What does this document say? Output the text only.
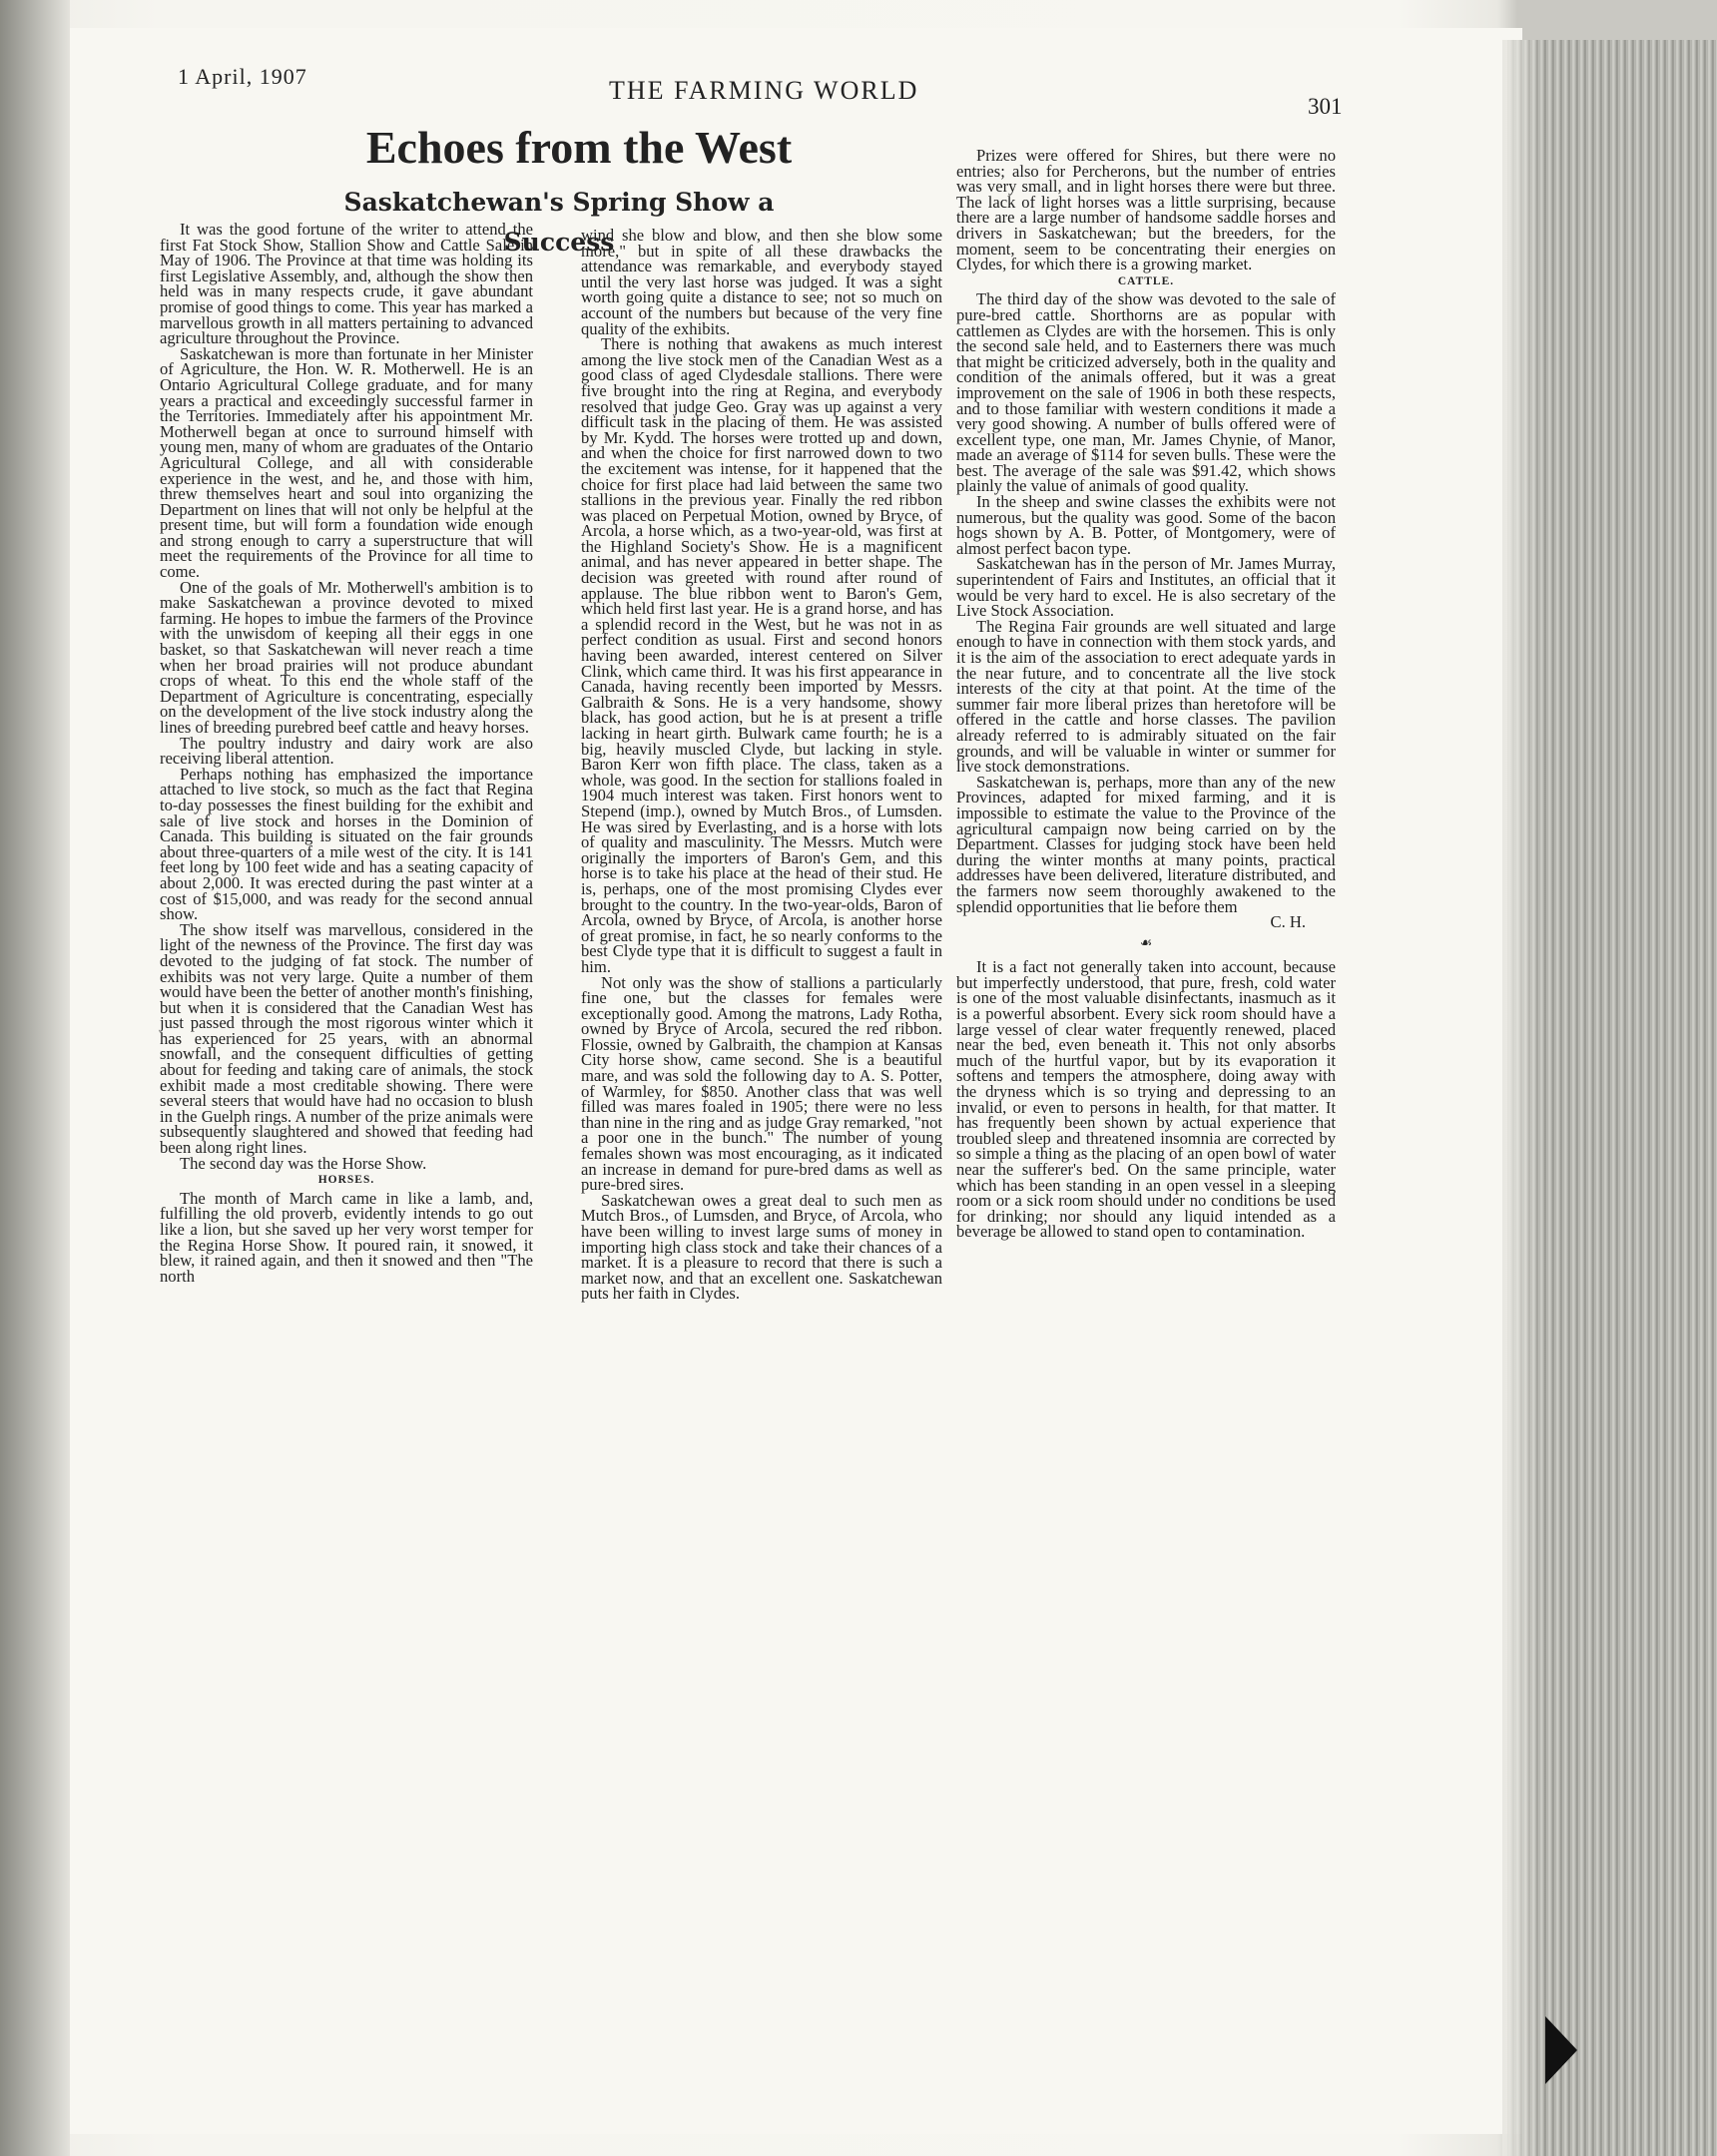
1 April, 1907	THE FARMING WORLD
301
Echoes from the West
Saskatchewan's Spring Show a Success

It was the good fortune of the writer to attend the first Fat Stock Show, Stallion Show and Cattle Sale in May of 1906. The Province at that time was holding its first Legislative Assembly, and, although the show then held was in many respects crude, it gave abundant promise of good things to come. This year has marked a marvellous growth in all matters pertaining to advanced agriculture throughout the Province.

Saskatchewan is more than fortunate in her Minister of Agriculture, the Hon. W. R. Motherwell. He is an Ontario Agricultural College graduate, and for many years a practical and exceedingly successful farmer in the Territories. Immediately after his appointment Mr. Motherwell began at once to surround himself with young men, many of whom are graduates of the Ontario Agricultural College, and all with considerable experience in the west, and he, and those with him, threw themselves heart and soul into organizing the Department on lines that will not only be helpful at the present time, but will form a foundation wide enough and strong enough to carry a superstructure that will meet the requirements of the Province for all time to come.

One of the goals of Mr. Motherwell's ambition is to make Saskatchewan a province devoted to mixed farming. He hopes to imbue the farmers of the Province with the unwisdom of keeping all their eggs in one basket, so that Saskatchewan will never reach a time when her broad prairies will not produce abundant crops of wheat. To this end the whole staff of the Department of Agriculture is concentrating, especially on the development of the live stock industry along the lines of breeding purebred beef cattle and heavy horses.

The poultry industry and dairy work are also receiving liberal attention.

Perhaps nothing has emphasized the importance attached to live stock, so much as the fact that Regina to-day possesses the finest building for the exhibit and sale of live stock and horses in the Dominion of Canada. This building is situated on the fair grounds about three-quarters of a mile west of the city. It is 141 feet long by 100 feet wide and has a seating capacity of about 2,000. It was erected during the past winter at a cost of $15,000, and was ready for the second annual show.

The show itself was marvellous, considered in the light of the newness of the Province. The first day was devoted to the judging of fat stock. The number of exhibits was not very large. Quite a number of them would have been the better of another month's finishing, but when it is considered that the Canadian West has just passed through the most rigorous winter which it has experienced for 25 years, with an abnormal snowfall, and the consequent difficulties of getting about for feeding and taking care of animals, the stock exhibit made a most creditable showing. There were several steers that would have had no occasion to blush in the Guelph rings. A number of the prize animals were subsequently slaughtered and showed that feeding had been along right lines.

The second day was the Horse Show.

HORSES.

The month of March came in like a lamb, and, fulfilling the old proverb, evidently intends to go out like a lion, but she saved up her very worst temper for the Regina Horse Show. It poured rain, it snowed, it blew, it rained again, and then it snowed and then "The north

wind she blow and blow, and then she blow some more," but in spite of all these drawbacks the attendance was remarkable, and everybody stayed until the very last horse was judged. It was a sight worth going quite a distance to see; not so much on account of the numbers but because of the very fine quality of the exhibits.

There is nothing that awakens as much interest among the live stock men of the Canadian West as a good class of aged Clydesdale stallions. There were five brought into the ring at Regina, and everybody resolved that judge Geo. Gray was up against a very difficult task in the placing of them. He was assisted by Mr. Kydd. The horses were trotted up and down, and when the choice for first narrowed down to two the excitement was intense, for it happened that the choice for first place had laid between the same two stallions in the previous year. Finally the red ribbon was placed on Perpetual Motion, owned by Bryce, of Arcola, a horse which, as a two-year-old, was first at the Highland Society's Show. He is a magnificent animal, and has never appeared in better shape. The decision was greeted with round after round of applause. The blue ribbon went to Baron's Gem, which held first last year. He is a grand horse, and has a splendid record in the West, but he was not in as perfect condition as usual. First and second honors having been awarded, interest centered on Silver Clink, which came third. It was his first appearance in Canada, having recently been imported by Messrs. Galbraith & Sons. He is a very handsome, showy black, has good action, but he is at present a trifle lacking in heart girth. Bulwark came fourth; he is a big, heavily muscled Clyde, but lacking in style. Baron Kerr won fifth place. The class, taken as a whole, was good. In the section for stallions foaled in 1904 much interest was taken. First honors went to Stepend (imp.), owned by Mutch Bros., of Lumsden. He was sired by Everlasting, and is a horse with lots of quality and masculinity. The Messrs. Mutch were originally the importers of Baron's Gem, and this horse is to take his place at the head of their stud. He is, perhaps, one of the most promising Clydes ever brought to the country. In the two-year-olds, Baron of Arcola, owned by Bryce, of Arcola, is another horse of great promise, in fact, he so nearly conforms to the best Clyde type that it is difficult to suggest a fault in him.

Not only was the show of stallions a particularly fine one, but the classes for females were exceptionally good. Among the matrons, Lady Rotha, owned by Bryce of Arcola, secured the red ribbon. Flossie, owned by Galbraith, the champion at Kansas City horse show, came second. She is a beautiful mare, and was sold the following day to A. S. Potter, of Warmley, for $850. Another class that was well filled was mares foaled in 1905; there were no less than nine in the ring and as judge Gray remarked, "not a poor one in the bunch." The number of young females shown was most encouraging, as it indicated an increase in demand for pure-bred dams as well as pure-bred sires.

Saskatchewan owes a great deal to such men as Mutch Bros., of Lumsden, and Bryce, of Arcola, who have been willing to invest large sums of money in importing high class stock and take their chances of a market. It is a pleasure to record that there is such a market now, and that an excellent one. Saskatchewan puts her faith in Clydes.

Prizes were offered for Shires, but there were no entries; also for Percherons, but the number of entries was very small, and in light horses there were but three. The lack of light horses was a little surprising, because there are a large number of handsome saddle horses and drivers in Saskatchewan; but the breeders, for the moment, seem to be concentrating their energies on Clydes, for which there is a growing market.

CATTLE.

The third day of the show was devoted to the sale of pure-bred cattle. Shorthorns are as popular with cattlemen as Clydes are with the horsemen. This is only the second sale held, and to Easterners there was much that might be criticized adversely, both in the quality and condition of the animals offered, but it was a great improvement on the sale of 1906 in both these respects, and to those familiar with western conditions it made a very good showing. A number of bulls offered were of excellent type, one man, Mr. James Chynie, of Manor, made an average of $114 for seven bulls. These were the best. The average of the sale was $91.42, which shows plainly the value of animals of good quality.

In the sheep and swine classes the exhibits were not numerous, but the quality was good. Some of the bacon hogs shown by A. B. Potter, of Montgomery, were of almost perfect bacon type.

Saskatchewan has in the person of Mr. James Murray, superintendent of Fairs and Institutes, an official that it would be very hard to excel. He is also secretary of the Live Stock Association.

The Regina Fair grounds are well situated and large enough to have in connection with them stock yards, and it is the aim of the association to erect adequate yards in the near future, and to concentrate all the live stock interests of the city at that point. At the time of the summer fair more liberal prizes than heretofore will be offered in the cattle and horse classes. The pavilion already referred to is admirably situated on the fair grounds, and will be valuable in winter or summer for live stock demonstrations.

Saskatchewan is, perhaps, more than any of the new Provinces, adapted for mixed farming, and it is impossible to estimate the value to the Province of the agricultural campaign now being carried on by the Department. Classes for judging stock have been held during the winter months at many points, practical addresses have been delivered, literature distributed, and the farmers now seem thoroughly awakened to the splendid opportunities that lie before them

C. H.

☙

It is a fact not generally taken into account, because but imperfectly understood, that pure, fresh, cold water is one of the most valuable disinfectants, inasmuch as it is a powerful absorbent. Every sick room should have a large vessel of clear water frequently renewed, placed near the bed, even beneath it. This not only absorbs much of the hurtful vapor, but by its evaporation it softens and tempers the atmosphere, doing away with the dryness which is so trying and depressing to an invalid, or even to persons in health, for that matter. It has frequently been shown by actual experience that troubled sleep and threatened insomnia are corrected by so simple a thing as the placing of an open bowl of water near the sufferer's bed. On the same principle, water which has been standing in an open vessel in a sleeping room or a sick room should under no conditions be used for drinking; nor should any liquid intended as a beverage be allowed to stand open to contamination.
